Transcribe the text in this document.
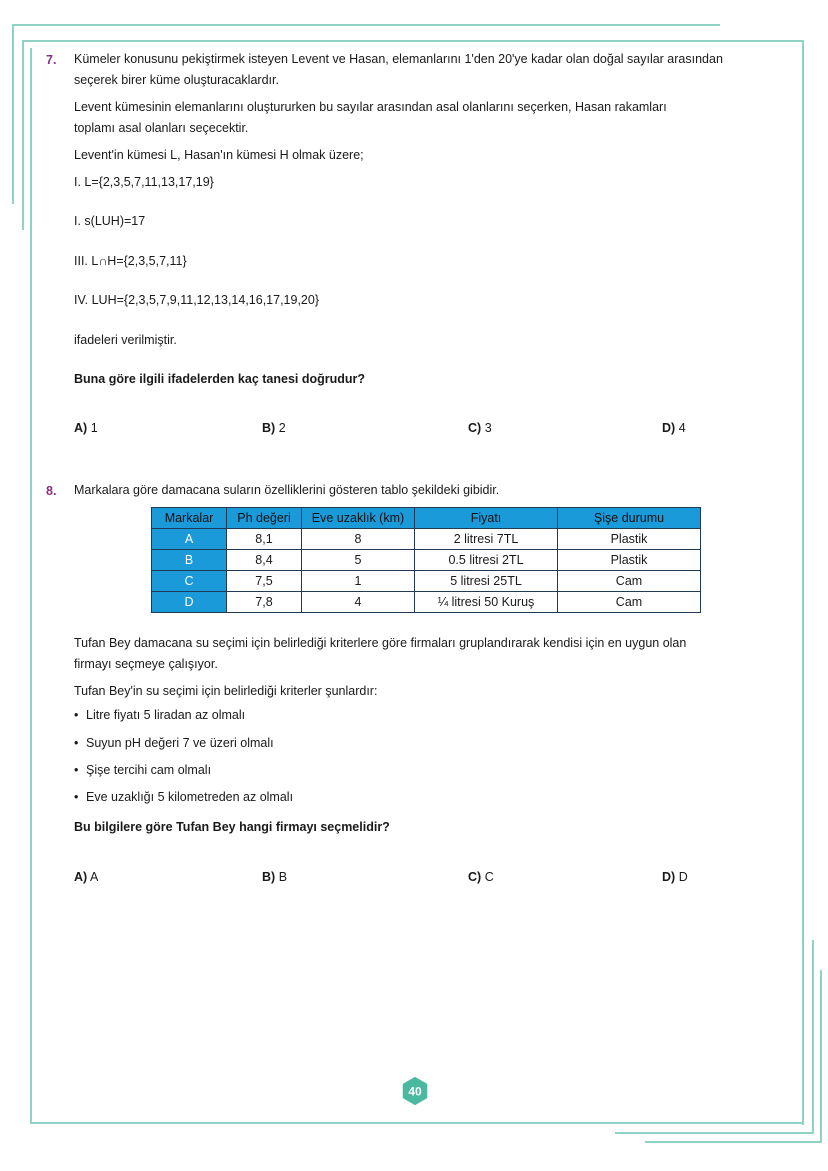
7. Kümeler konusunu pekiştirmek isteyen Levent ve Hasan, elemanlarını 1'den 20'ye kadar olan doğal sayılar arasından
seçerek birer küme oluşturacaklardır.
Levent kümesinin elemanlarını oluştururken bu sayılar arasından asal olanlarını seçerken, Hasan rakamları
toplamı asal olanları seçecektir.
Levent'in kümesi L, Hasan'ın kümesi H olmak üzere;
I. L={2,3,5,7,11,13,17,19}
I. s(LUH)=17
III. L∩H={2,3,5,7,11}
IV. LUH={2,3,5,7,9,11,12,13,14,16,17,19,20}
ifadeleri verilmiştir.
Buna göre ilgili ifadelerden kaç tanesi doğrudur?
A) 1	B) 2	C) 3	D) 4
8. Markalara göre damacana suların özelliklerini gösteren tablo şekildeki gibidir.
Markalar	Ph değeri	Eve uzaklık (km)	Fiyatı	Şişe durumu
A	8,1	8	2 litresi 7TL	Plastik
B	8,4	5	0.5 litresi 2TL	Plastik
C	7,5	1	5 litresi 25TL	Cam
D	7,8	4	¼ litresi 50 Kuruş	Cam
Tufan Bey damacana su seçimi için belirlediği kriterlere göre firmaları gruplandırarak kendisi için en uygun olan
firmayı seçmeye çalışıyor.
Tufan Bey'in su seçimi için belirlediği kriterler şunlardır:
• Litre fiyatı 5 liradan az olmalı
• Suyun pH değeri 7 ve üzeri olmalı
• Şişe tercihi cam olmalı
• Eve uzaklığı 5 kilometreden az olmalı
Bu bilgilere göre Tufan Bey hangi firmayı seçmelidir?
A) A	B) B	C) C	D) D
40
